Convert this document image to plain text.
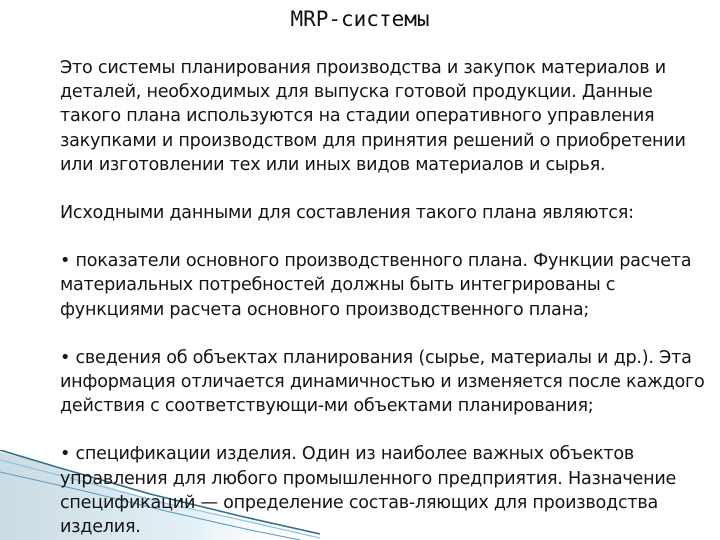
MRP-системы

Это системы планирования производства и закупок материалов и
деталей, необходимых для выпуска готовой продукции. Данные
такого плана используются на стадии оперативного управления
закупками и производством для принятия решений о приобретении
или изготовлении тех или иных видов материалов и сырья.

Исходными данными для составления такого плана являются:

• показатели основного производственного плана. Функции расчета
материальных потребностей должны быть интегрированы с
функциями расчета основного производственного плана;

• сведения об объектах планирования (сырье, материалы и др.). Эта
информация отличается динамичностью и изменяется после каждого
действия с соответствующи-ми объектами планирования;

• спецификации изделия. Один из наиболее важных объектов
управления для любого промышленного предприятия. Назначение
спецификаций — определение состав-ляющих для производства
изделия.
